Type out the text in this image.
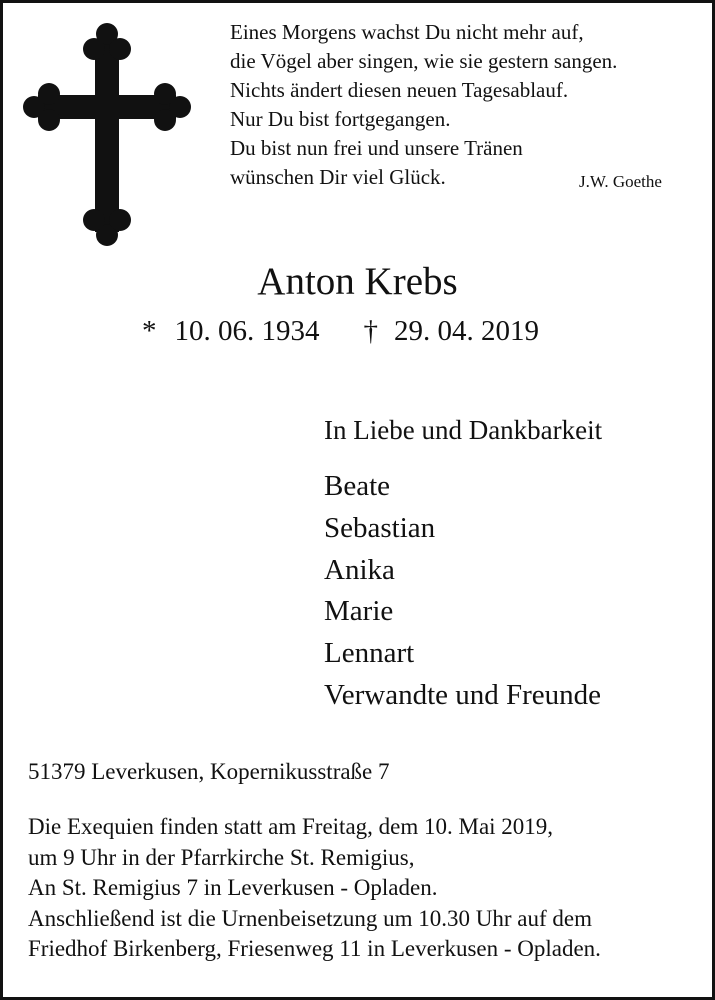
Eines Morgens wachst Du nicht mehr auf,
die Vögel aber singen, wie sie gestern sangen.
Nichts ändert diesen neuen Tagesablauf.
Nur Du bist fortgegangen.
Du bist nun frei und unsere Tränen
wünschen Dir viel Glück.	J.W. Goethe
Anton Krebs
* 10. 06. 1934 † 29. 04. 2019
In Liebe und Dankbarkeit
Beate
Sebastian
Anika
Marie
Lennart
Verwandte und Freunde
51379 Leverkusen, Kopernikusstraße 7
Die Exequien finden statt am Freitag, dem 10. Mai 2019,
um 9 Uhr in der Pfarrkirche St. Remigius,
An St. Remigius 7 in Leverkusen - Opladen.
Anschließend ist die Urnenbeisetzung um 10.30 Uhr auf dem
Friedhof Birkenberg, Friesenweg 11 in Leverkusen - Opladen.
